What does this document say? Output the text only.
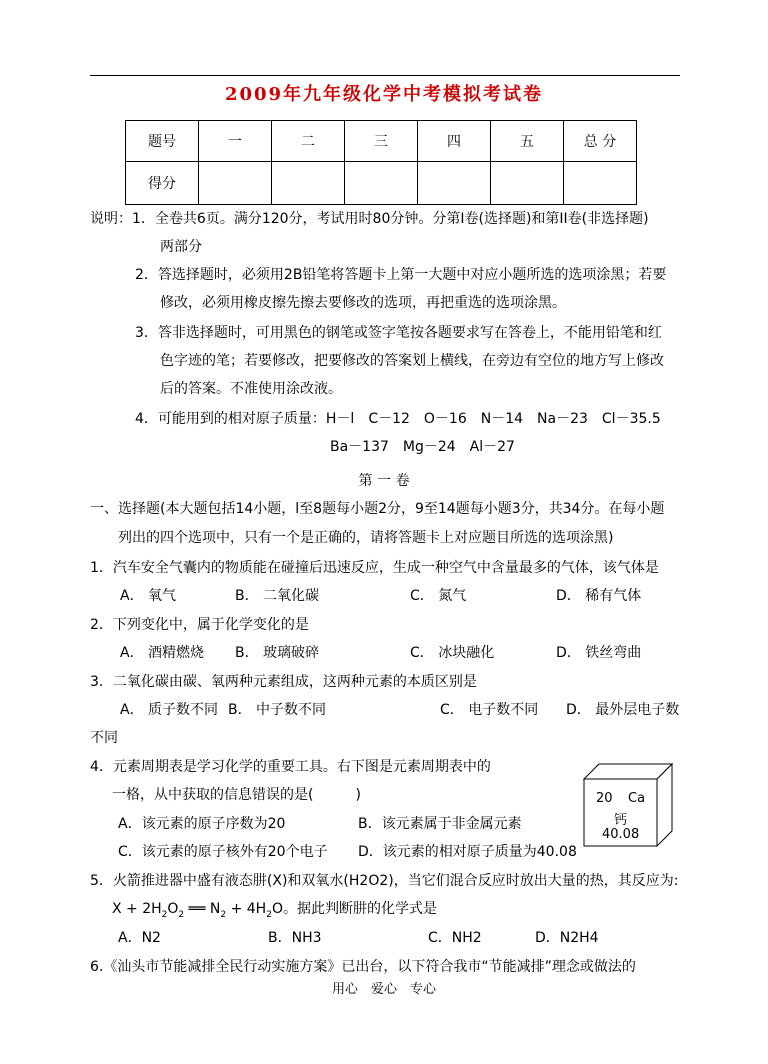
2009年九年级化学中考模拟考试卷
题号	一	二	三	四	五	总 分
得分						
说明：1．全卷共6页。满分120分，考试用时80分钟。分第I卷(选择题)和第II卷(非选择题)
两部分
2．答选择题时，必须用2B铅笔将答题卡上第一大题中对应小题所选的选项涂黑；若要
修改，必须用橡皮擦先擦去要修改的选项，再把重选的选项涂黑。
3．答非选择题时，可用黑色的钢笔或签字笔按各题要求写在答卷上，不能用铅笔和红
色字迹的笔；若要修改，把要修改的答案划上横线，在旁边有空位的地方写上修改
后的答案。不准使用涂改液。
4．可能用到的相对原子质量：H－l　C－12　O－16　N－14　Na－23　Cl－35.5
Ba－137　Mg－24　Al－27
第 一 卷
一、选择题(本大题包括14小题，l至8题每小题2分，9至14题每小题3分，共34分。在每小题
列出的四个选项中，只有一个是正确的，请将答题卡上对应题目所选的选项涂黑)
1．汽车安全气囊内的物质能在碰撞后迅速反应，生成一种空气中含量最多的气体，该气体是
A． 氧气	B． 二氧化碳	C． 氮气	D． 稀有气体
2．下列变化中，属于化学变化的是
A． 酒精燃烧 B． 玻璃破碎	C． 冰块融化	D． 铁丝弯曲
3．二氧化碳由碳、氧两种元素组成，这两种元素的本质区别是
A． 质子数不同 B． 中子数不同	C． 电子数不同 D． 最外层电子数
不同
4．元素周期表是学习化学的重要工具。右下图是元素周期表中的
一格，从中获取的信息错误的是(　　　)
A．该元素的原子序数为20	B．该元素属于非金属元素
C．该元素的原子核外有20个电子 D．该元素的相对原子质量为40.08
20 Ca
钙
40.08
5．火箭推进器中盛有液态肼(X)和双氧水(H2O2)，当它们混合反应时放出大量的热，其反应为:
$X + 2H_2O_2$ ══ $N_2 + 4H_2O$。据此判断肼的化学式是
A．N2	B．NH3	C．NH2	D．N2H4
6.《汕头市节能减排全民行动实施方案》已出台，以下符合我市“节能减排”理念或做法的
用心　爱心　专心
